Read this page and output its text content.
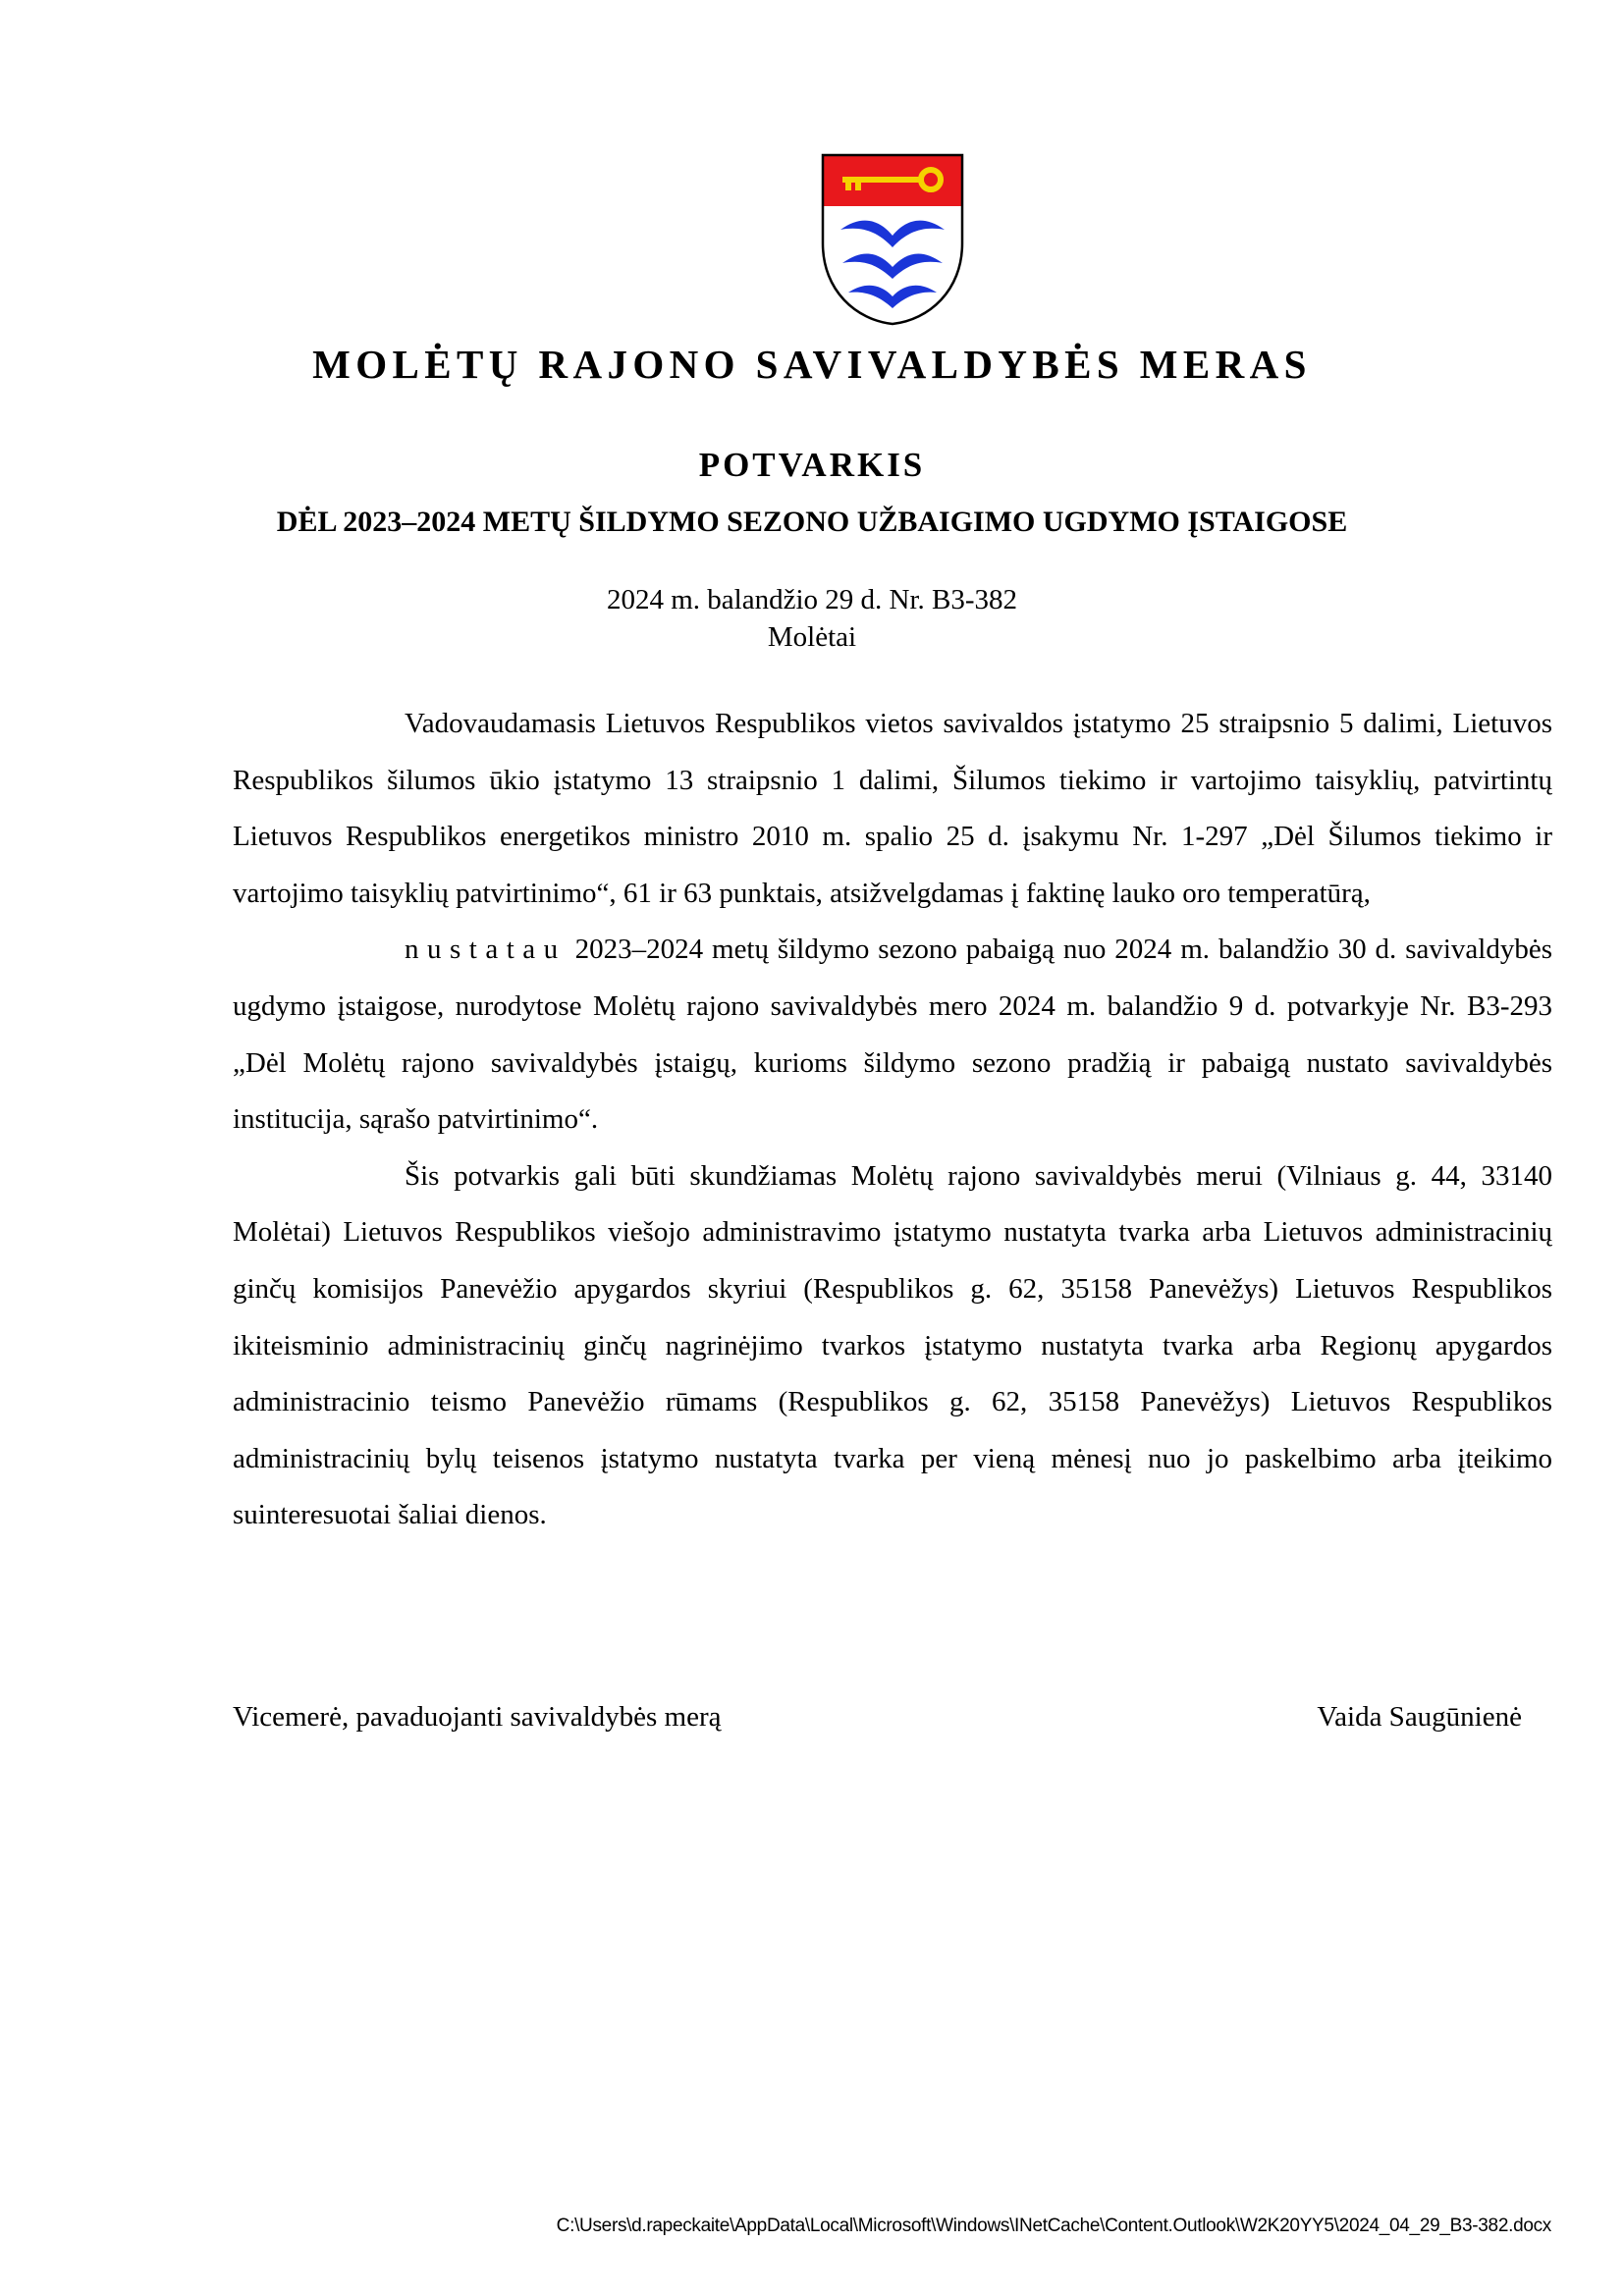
MOLĖTŲ RAJONO SAVIVALDYBĖS MERAS
POTVARKIS
DĖL 2023–2024 METŲ ŠILDYMO SEZONO UŽBAIGIMO UGDYMO ĮSTAIGOSE
2024 m. balandžio 29 d. Nr. B3-382
Molėtai

Vadovaudamasis Lietuvos Respublikos vietos savivaldos įstatymo 25 straipsnio 5 dalimi, Lietuvos Respublikos šilumos ūkio įstatymo 13 straipsnio 1 dalimi, Šilumos tiekimo ir vartojimo taisyklių, patvirtintų Lietuvos Respublikos energetikos ministro 2010 m. spalio 25 d. įsakymu Nr. 1-297 „Dėl Šilumos tiekimo ir vartojimo taisyklių patvirtinimo“, 61 ir 63 punktais, atsižvelgdamas į faktinę lauko oro temperatūrą,

nustatau 2023–2024 metų šildymo sezono pabaigą nuo 2024 m. balandžio 30 d. savivaldybės ugdymo įstaigose, nurodytose Molėtų rajono savivaldybės mero 2024 m. balandžio 9 d. potvarkyje Nr. B3-293 „Dėl Molėtų rajono savivaldybės įstaigų, kurioms šildymo sezono pradžią ir pabaigą nustato savivaldybės institucija, sąrašo patvirtinimo“.

Šis potvarkis gali būti skundžiamas Molėtų rajono savivaldybės merui (Vilniaus g. 44, 33140 Molėtai) Lietuvos Respublikos viešojo administravimo įstatymo nustatyta tvarka arba Lietuvos administracinių ginčų komisijos Panevėžio apygardos skyriui (Respublikos g. 62, 35158 Panevėžys) Lietuvos Respublikos ikiteisminio administracinių ginčų nagrinėjimo tvarkos įstatymo nustatyta tvarka arba Regionų apygardos administracinio teismo Panevėžio rūmams (Respublikos g. 62, 35158 Panevėžys) Lietuvos Respublikos administracinių bylų teisenos įstatymo nustatyta tvarka per vieną mėnesį nuo jo paskelbimo arba įteikimo suinteresuotai šaliai dienos.

Vicemerė, pavaduojanti savivaldybės merą	Vaida Saugūnienė
C:\Users\d.rapeckaite\AppData\Local\Microsoft\Windows\INetCache\Content.Outlook\W2K20YY5\2024_04_29_B3-382.docx
